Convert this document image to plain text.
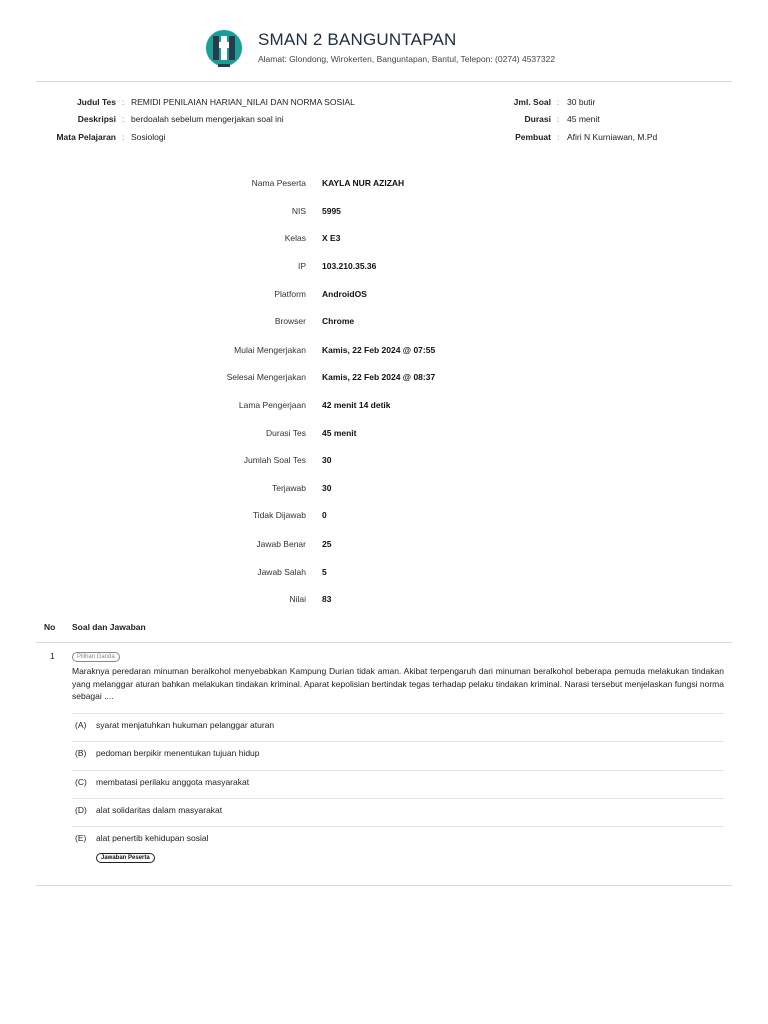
SMAN 2 BANGUNTAPAN
Alamat: Glondong, Wirokerten, Banguntapan, Bantul, Telepon: (0274) 4537322
Judul Tes : REMIDI PENILAIAN HARIAN_NILAI DAN NORMA SOSIAL
Deskripsi : berdoalah sebelum mengerjakan soal ini
Mata Pelajaran : Sosiologi
Jml. Soal : 30 butir
Durasi : 45 menit
Pembuat : Afiri N Kurniawan, M.Pd
Nama Peserta KAYLA NUR AZIZAH
NIS 5995
Kelas X E3
IP 103.210.35.36
Platform AndroidOS
Browser Chrome
Mulai Mengerjakan Kamis, 22 Feb 2024 @ 07:55
Selesai Mengerjakan Kamis, 22 Feb 2024 @ 08:37
Lama Pengerjaan 42 menit 14 detik
Durasi Tes 45 menit
Jumlah Soal Tes 30
Terjawab 30
Tidak Dijawab 0
Jawab Benar 25
Jawab Salah 5
Nilai 83
No Soal dan Jawaban
1	Pilihan Ganda
Maraknya peredaran minuman beralkohol menyebabkan Kampung Durian tidak aman. Akibat terpengaruh dari minuman beralkohol beberapa pemuda melakukan tindakan yang melanggar aturan bahkan melakukan tindakan kriminal. Aparat kepolisian bertindak tegas terhadap pelaku tindakan kriminal. Narasi tersebut menjelaskan fungsi norma sebagai ....
(A) syarat menjatuhkan hukuman pelanggar aturan
(B) pedoman berpikir menentukan tujuan hidup
(C) membatasi perilaku anggota masyarakat
(D) alat solidaritas dalam masyarakat
(E) alat penertib kehidupan sosial
Jawaban Peserta
